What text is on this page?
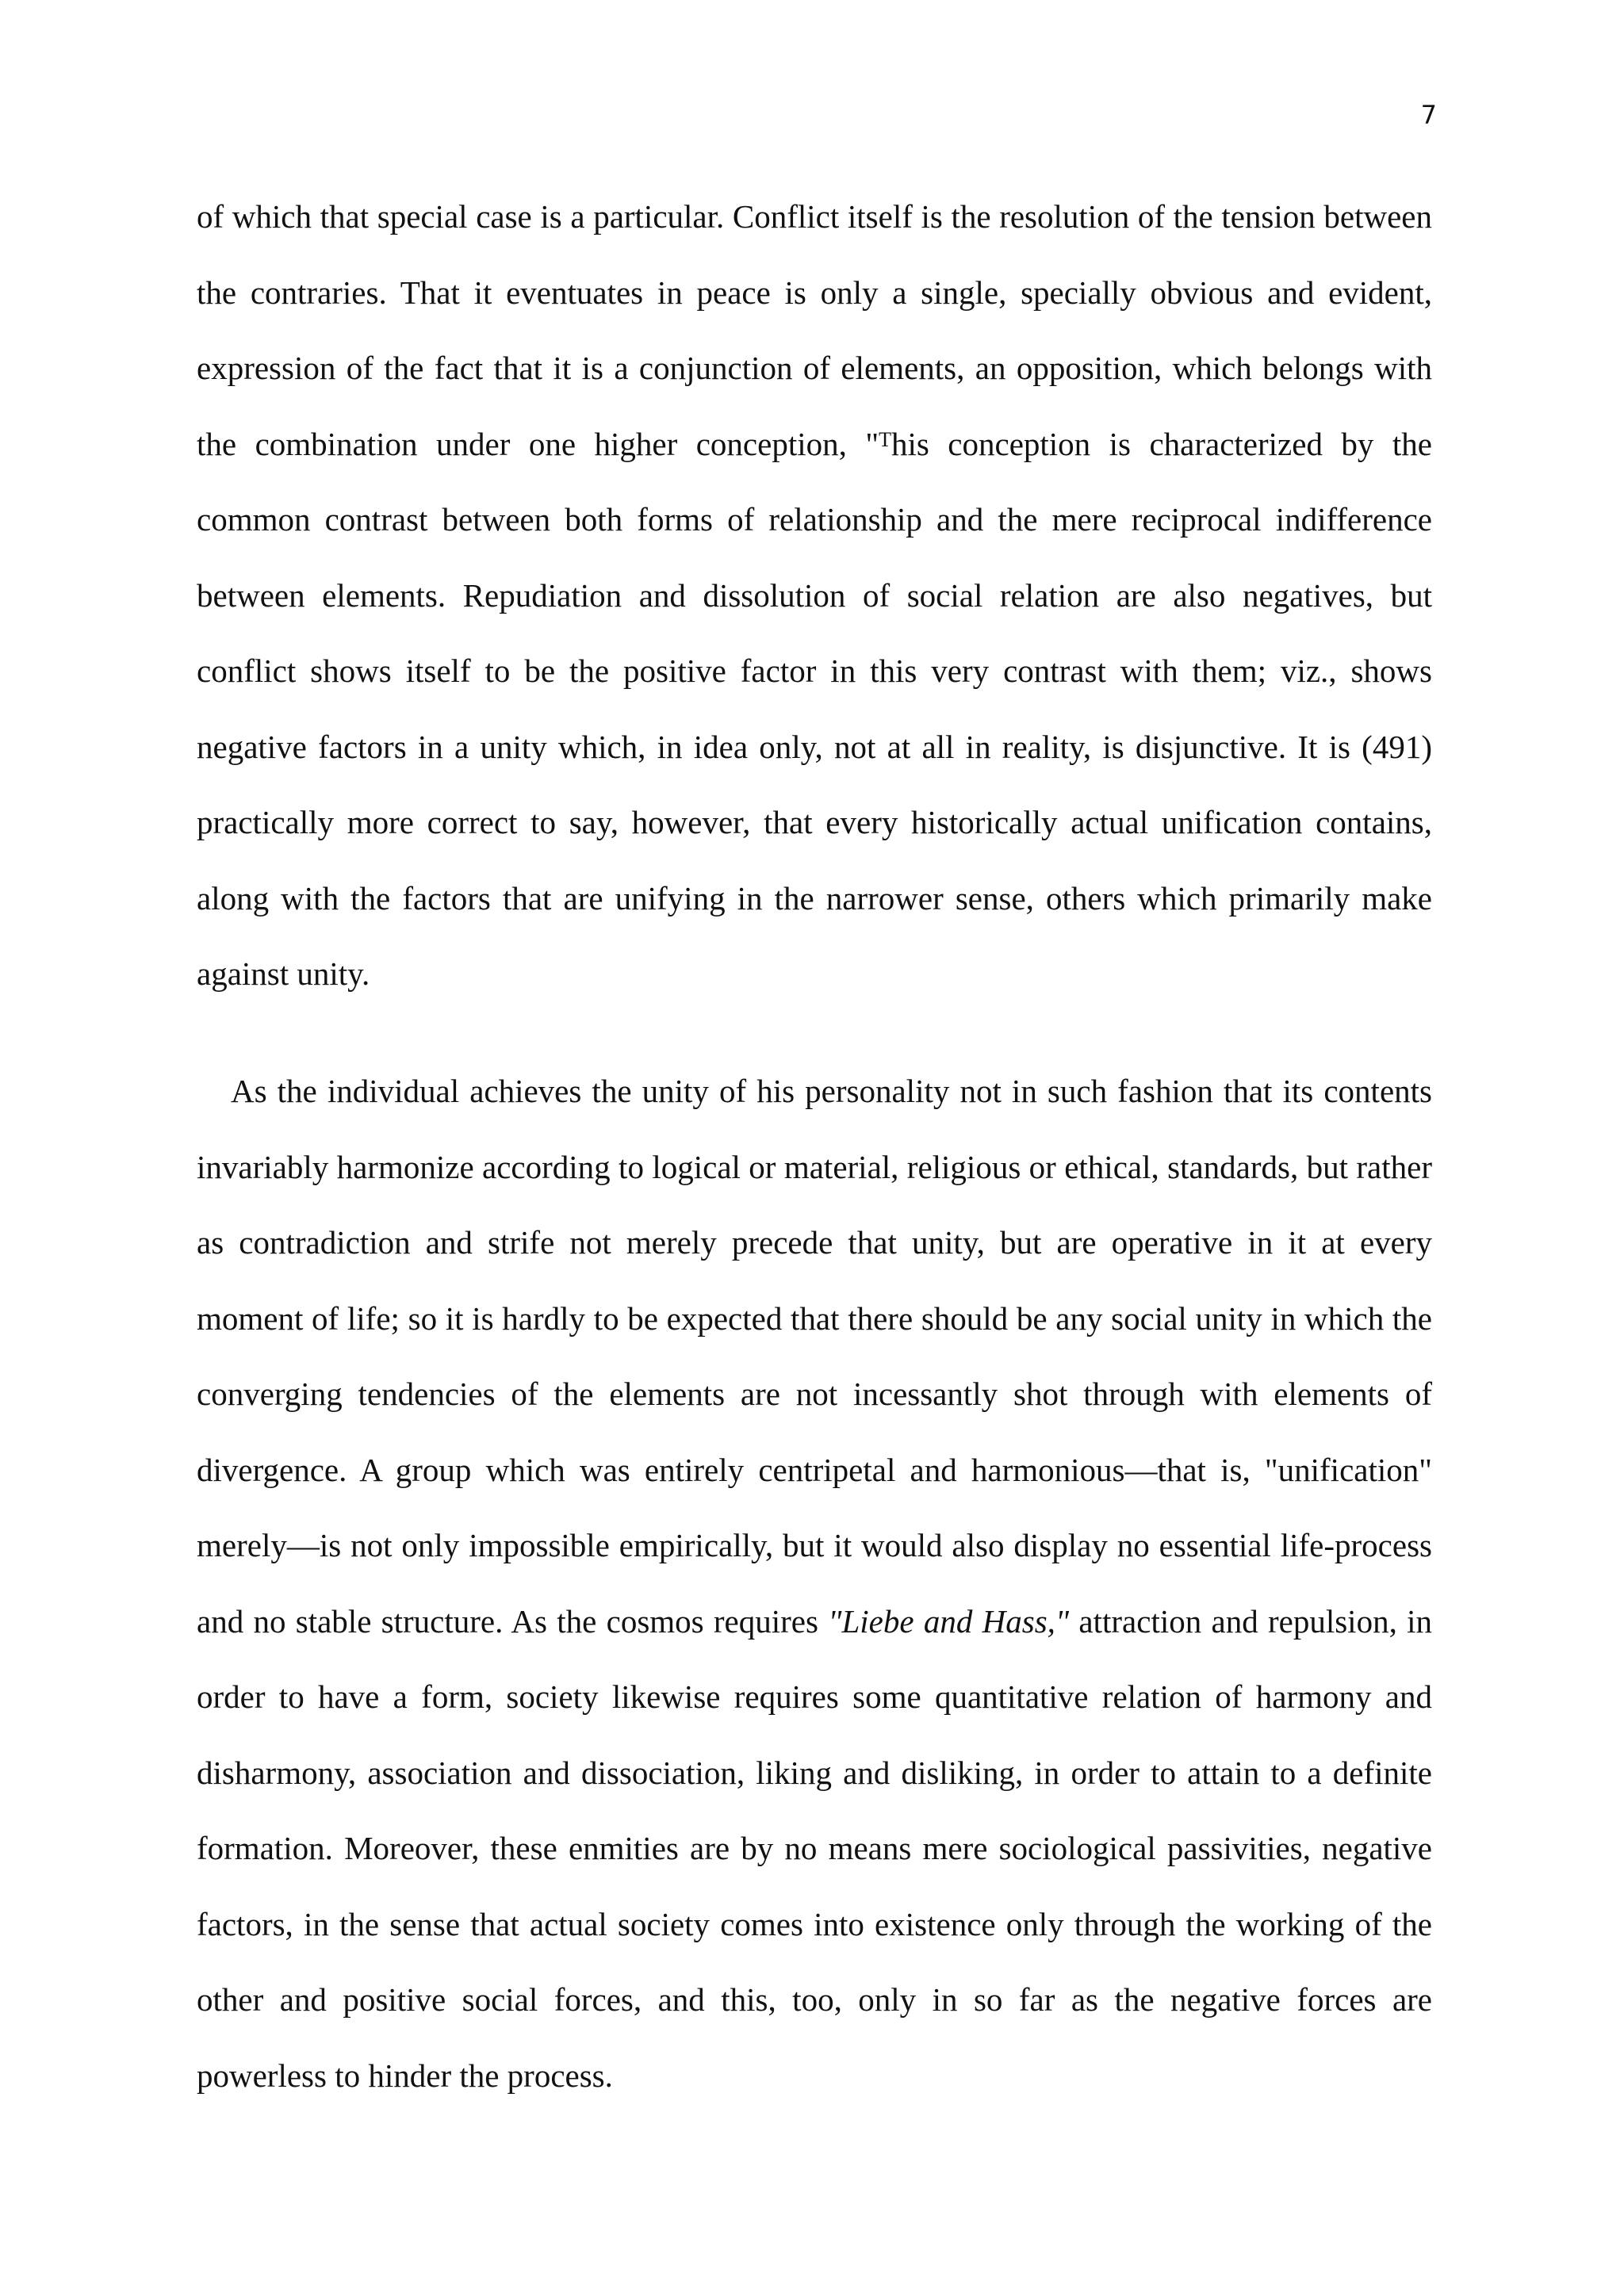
7

of which that special case is a particular. Conflict itself is the resolution of the tension between the contraries. That it eventuates in peace is only a single, specially obvious and evident, expression of the fact that it is a conjunction of elements, an opposition, which belongs with the combination under one higher conception, "$^T$his conception is characterized by the common contrast between both forms of relationship and the mere reciprocal indifference between elements. Repudiation and dissolution of social relation are also negatives, but conflict shows itself to be the positive factor in this very contrast with them; viz., shows negative factors in a unity which, in idea only, not at all in reality, is disjunctive. It is (491) practically more correct to say, however, that every historically actual unification contains, along with the factors that are unifying in the narrower sense, others which primarily make against unity.

As the individual achieves the unity of his personality not in such fashion that its contents invariably harmonize according to logical or material, religious or ethical, standards, but rather as contradiction and strife not merely precede that unity, but are operative in it at every moment of life; so it is hardly to be expected that there should be any social unity in which the converging tendencies of the elements are not incessantly shot through with elements of divergence. A group which was entirely centripetal and harmonious—that is, "unification" merely—is not only impossible empirically, but it would also display no essential life-process and no stable structure. As the cosmos requires "Liebe and Hass," attraction and repulsion, in order to have a form, society likewise requires some quantitative relation of harmony and disharmony, association and dissociation, liking and disliking, in order to attain to a definite formation. Moreover, these enmities are by no means mere sociological passivities, negative factors, in the sense that actual society comes into existence only through the working of the other and positive social forces, and this, too, only in so far as the negative forces are powerless to hinder the process.
